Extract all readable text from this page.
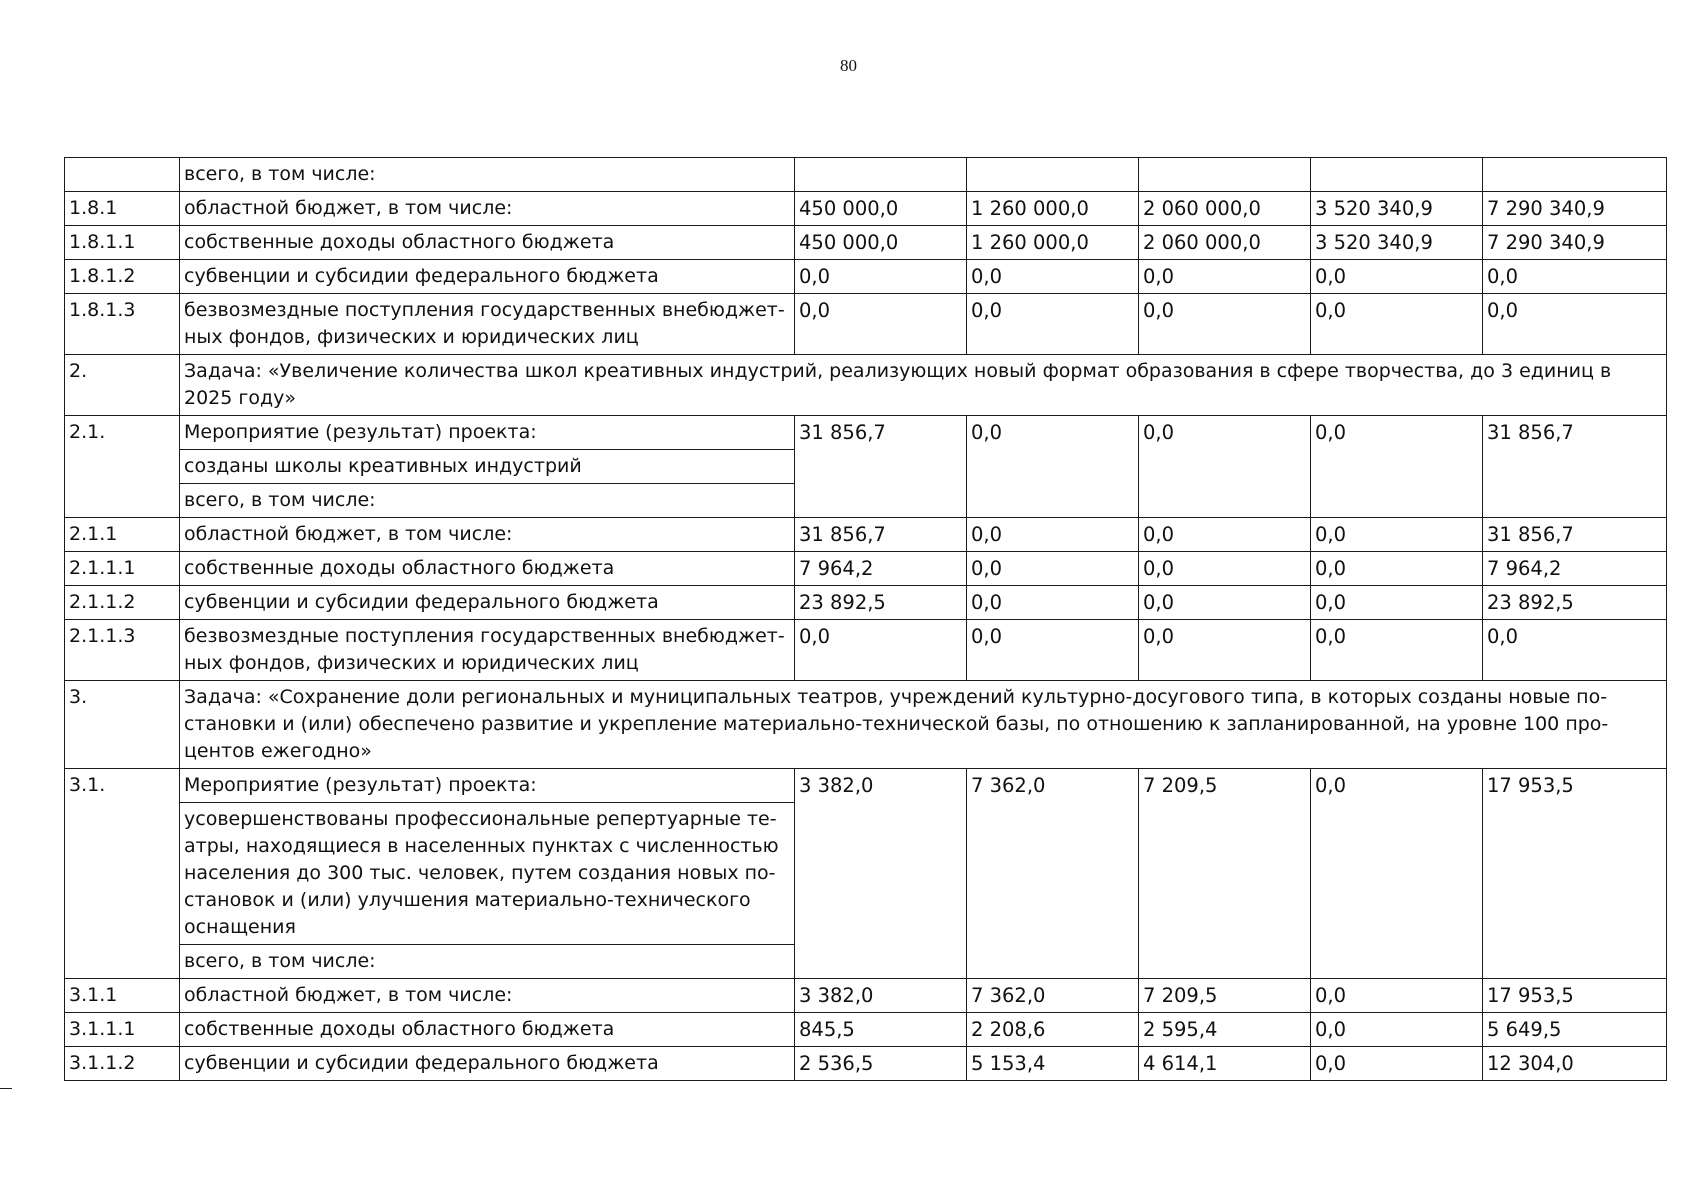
80
	всего, в том числе:					
1.8.1	областной бюджет, в том числе:	450 000,0	1 260 000,0	2 060 000,0	3 520 340,9	7 290 340,9
1.8.1.1	собственные доходы областного бюджета	450 000,0	1 260 000,0	2 060 000,0	3 520 340,9	7 290 340,9
1.8.1.2	субвенции и субсидии федерального бюджета	0,0	0,0	0,0	0,0	0,0
1.8.1.3	безвозмездные поступления государственных внебюджет-ных фондов, физических и юридических лиц	0,0	0,0	0,0	0,0	0,0
2.	Задача: «Увеличение количества школ креативных индустрий, реализующих новый формат образования в сфере творчества, до 3 единиц в 2025 году»					
2.1.	Мероприятие (результат) проекта:	31 856,7	0,0	0,0	0,0	31 856,7
	созданы школы креативных индустрий					
	всего, в том числе:					
2.1.1	областной бюджет, в том числе:	31 856,7	0,0	0,0	0,0	31 856,7
2.1.1.1	собственные доходы областного бюджета	7 964,2	0,0	0,0	0,0	7 964,2
2.1.1.2	субвенции и субсидии федерального бюджета	23 892,5	0,0	0,0	0,0	23 892,5
2.1.1.3	безвозмездные поступления государственных внебюджет-ных фондов, физических и юридических лиц	0,0	0,0	0,0	0,0	0,0
3.	Задача: «Сохранение доли региональных и муниципальных театров, учреждений культурно-досугового типа, в которых созданы новые по-становки и (или) обеспечено развитие и укрепление материально-технической базы, по отношению к запланированной, на уровне 100 про-центов ежегодно»					
3.1.	Мероприятие (результат) проекта:	3 382,0	7 362,0	7 209,5	0,0	17 953,5
	усовершенствованы профессиональные репертуарные те-атры, находящиеся в населенных пунктах с численностью населения до 300 тыс. человек, путем создания новых по-становок и (или) улучшения материально-технического оснащения					
	всего, в том числе:					
3.1.1	областной бюджет, в том числе:	3 382,0	7 362,0	7 209,5	0,0	17 953,5
3.1.1.1	собственные доходы областного бюджета	845,5	2 208,6	2 595,4	0,0	5 649,5
3.1.1.2	субвенции и субсидии федерального бюджета	2 536,5	5 153,4	4 614,1	0,0	12 304,0
